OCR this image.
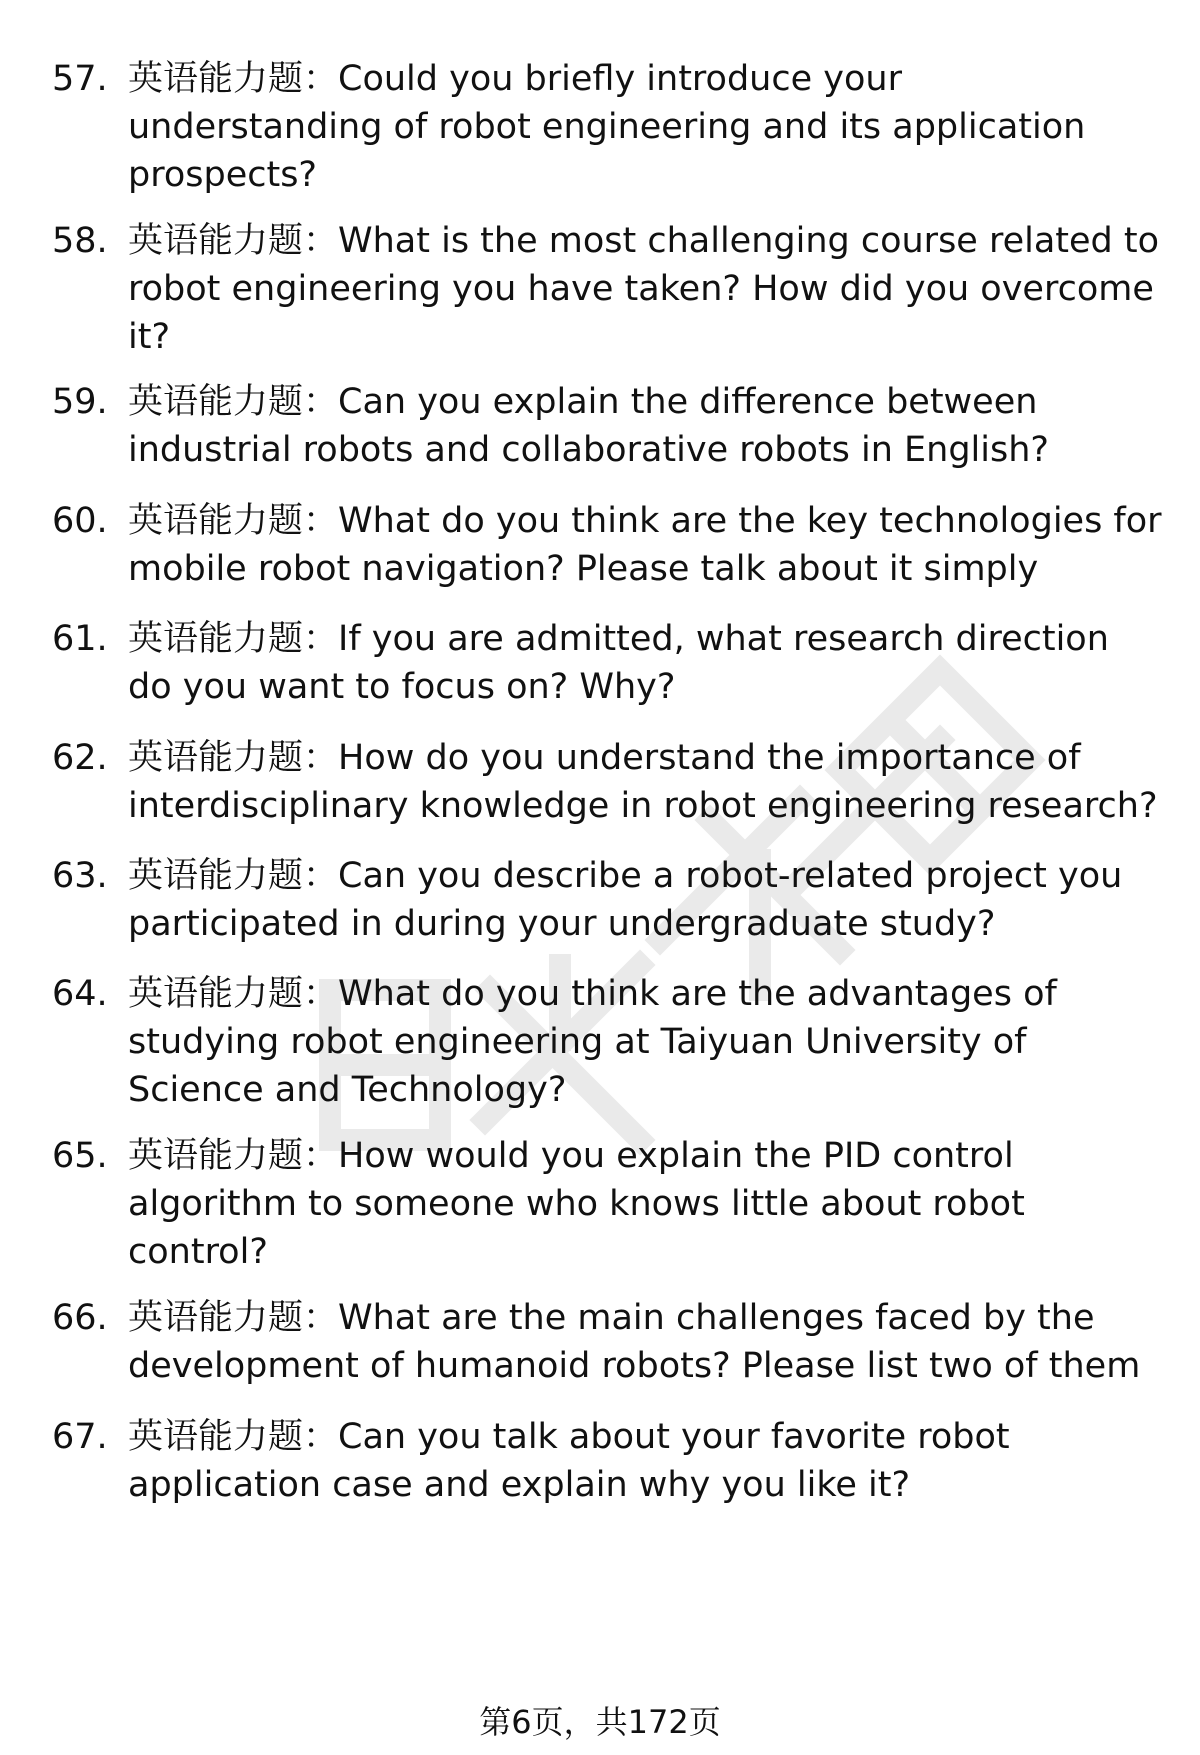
57. 英语能力题：Could you briefly introduce your understanding of robot engineering and its application prospects?
58. 英语能力题：What is the most challenging course related to robot engineering you have taken? How did you overcome it?
59. 英语能力题：Can you explain the difference between industrial robots and collaborative robots in English?
60. 英语能力题：What do you think are the key technologies for mobile robot navigation? Please talk about it simply
61. 英语能力题：If you are admitted, what research direction do you want to focus on? Why?
62. 英语能力题：How do you understand the importance of interdisciplinary knowledge in robot engineering research?
63. 英语能力题：Can you describe a robot-related project you participated in during your undergraduate study?
64. 英语能力题：What do you think are the advantages of studying robot engineering at Taiyuan University of Science and Technology?
65. 英语能力题：How would you explain the PID control algorithm to someone who knows little about robot control?
66. 英语能力题：What are the main challenges faced by the development of humanoid robots? Please list two of them
67. 英语能力题：Can you talk about your favorite robot application case and explain why you like it?
第6页，共172页
